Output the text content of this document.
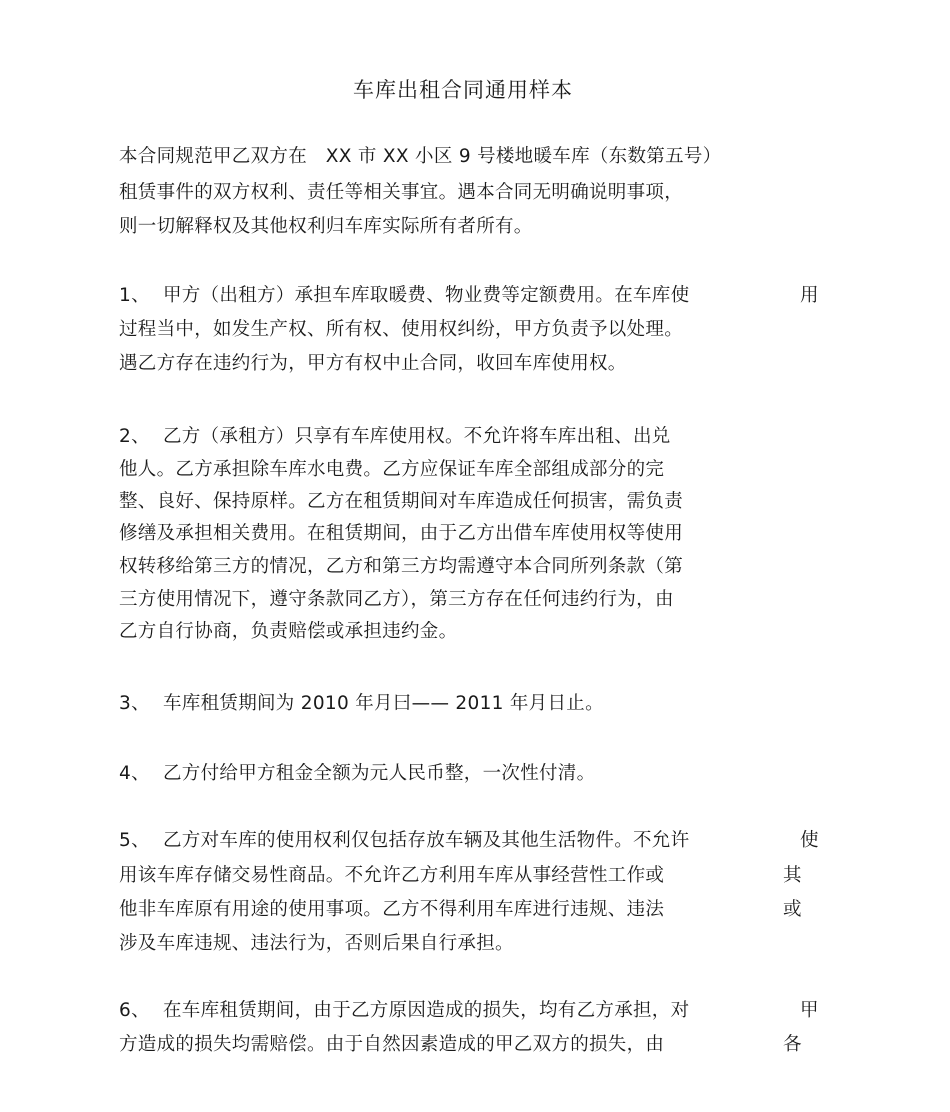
车库出租合同通用样本
本合同规范甲乙双方在　XX 市 XX 小区 9 号楼地暖车库（东数第五号）
租赁事件的双方权利、责任等相关事宜。遇本合同无明确说明事项，
则一切解释权及其他权利归车库实际所有者所有。
1、 甲方（出租方）承担车库取暖费、物业费等定额费用。在车库使	用
过程当中，如发生产权、所有权、使用权纠纷，甲方负责予以处理。
遇乙方存在违约行为，甲方有权中止合同，收回车库使用权。
2、 乙方（承租方）只享有车库使用权。不允许将车库出租、出兑
他人。乙方承担除车库水电费。乙方应保证车库全部组成部分的完
整、良好、保持原样。乙方在租赁期间对车库造成任何损害，需负责
修缮及承担相关费用。在租赁期间，由于乙方出借车库使用权等使用
权转移给第三方的情况，乙方和第三方均需遵守本合同所列条款（第
三方使用情况下，遵守条款同乙方），第三方存在任何违约行为，由
乙方自行协商，负责赔偿或承担违约金。
3、 车库租赁期间为 2010 年月曰—— 2011 年月日止。
4、 乙方付给甲方租金全额为元人民币整，一次性付清。
5、 乙方对车库的使用权利仅包括存放车辆及其他生活物件。不允许	使
用该车库存储交易性商品。不允许乙方利用车库从事经营性工作或	其
他非车库原有用途的使用事项。乙方不得利用车库进行违规、违法	或
涉及车库违规、违法行为，否则后果自行承担。
6、 在车库租赁期间，由于乙方原因造成的损失，均有乙方承担，对	甲
方造成的损失均需赔偿。由于自然因素造成的甲乙双方的损失，由	各
